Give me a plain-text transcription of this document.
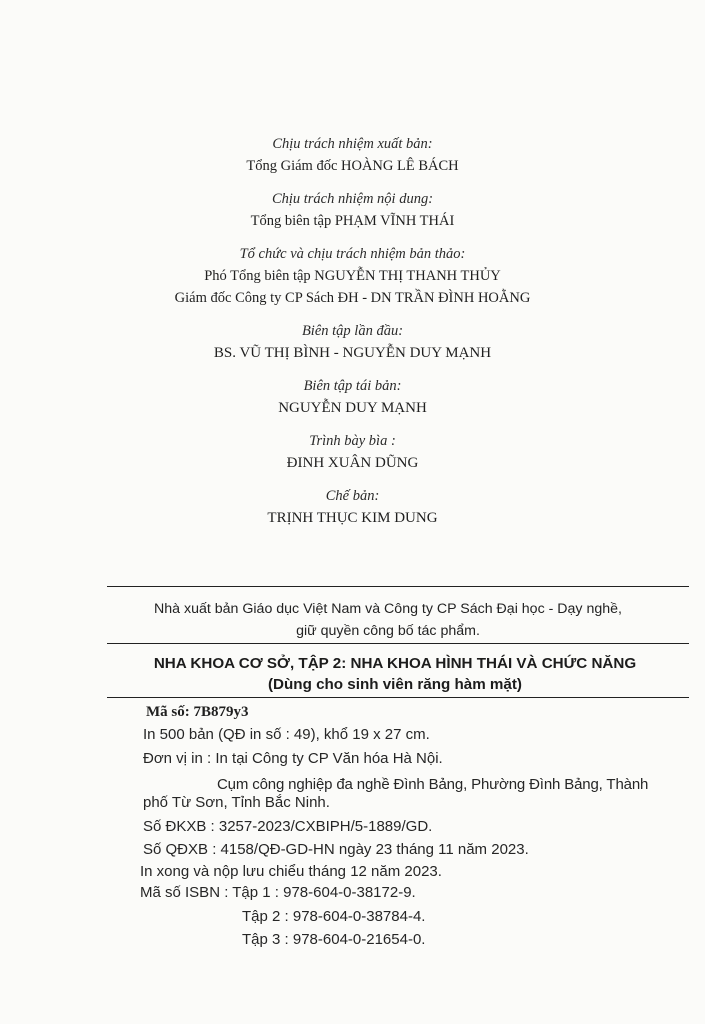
Chịu trách nhiệm xuất bản:
Tổng Giám đốc HOÀNG LÊ BÁCH
Chịu trách nhiệm nội dung:
Tổng biên tập PHẠM VĨNH THÁI
Tổ chức và chịu trách nhiệm bản thảo:
Phó Tổng biên tập NGUYỄN THỊ THANH THỦY
Giám đốc Công ty CP Sách ĐH - DN TRẦN ĐÌNH HOẰNG
Biên tập lần đầu:
BS. VŨ THỊ BÌNH - NGUYỄN DUY MẠNH
Biên tập tái bản:
NGUYỄN DUY MẠNH
Trình bày bìa :
ĐINH XUÂN DŨNG
Chế bản:
TRỊNH THỤC KIM DUNG
Nhà xuất bản Giáo dục Việt Nam và Công ty CP Sách Đại học - Dạy nghề,
giữ quyền công bố tác phẩm.
NHA KHOA CƠ SỞ, TẬP 2: NHA KHOA HÌNH THÁI VÀ CHỨC NĂNG
(Dùng cho sinh viên răng hàm mặt)
Mã số: 7B879y3
In 500 bản (QĐ in số : 49), khổ 19 x 27 cm.
Đơn vị in : In tại Công ty CP Văn hóa Hà Nội.
Cụm công nghiệp đa nghề Đình Bảng, Phường Đình Bảng, Thành
phố Từ Sơn, Tỉnh Bắc Ninh.
Số ĐKXB : 3257-2023/CXBIPH/5-1889/GD.
Số QĐXB : 4158/QĐ-GD-HN ngày 23 tháng 11 năm 2023.
In xong và nộp lưu chiểu tháng 12 năm 2023.
Mã số ISBN : Tập 1 : 978-604-0-38172-9.
Tập 2 : 978-604-0-38784-4.
Tập 3 : 978-604-0-21654-0.
